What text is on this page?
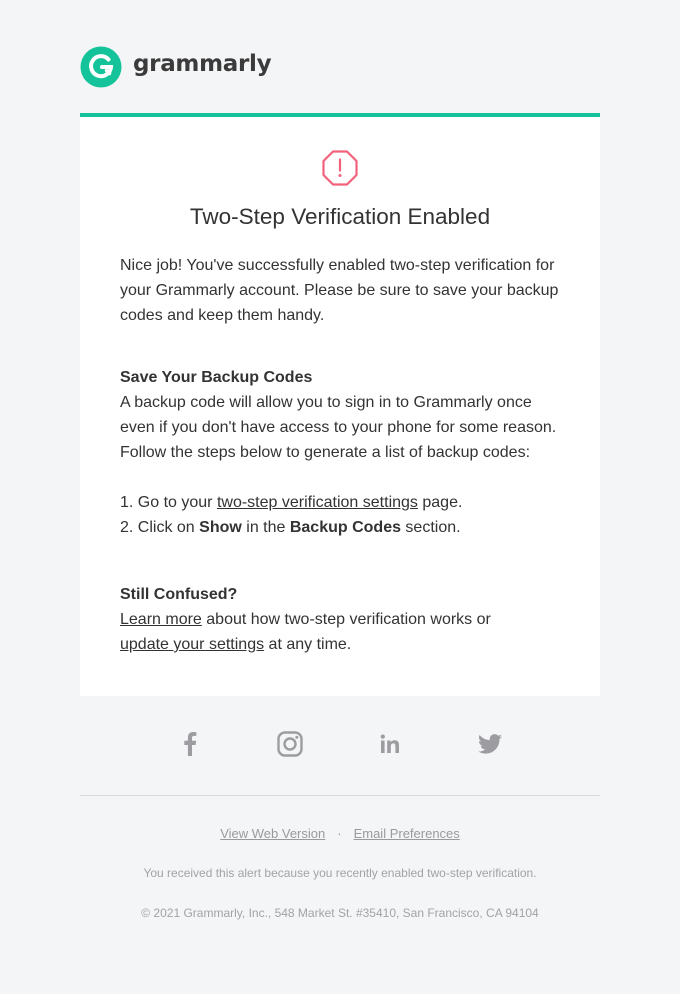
grammarly
Two-Step Verification Enabled

Nice job! You've successfully enabled two-step verification for your Grammarly account. Please be sure to save your backup codes and keep them handy.

Save Your Backup Codes

A backup code will allow you to sign in to Grammarly once even if you don't have access to your phone for some reason. Follow the steps below to generate a list of backup codes:

1. Go to your two-step verification settings page.

2. Click on Show in the Backup Codes section.

Still Confused?

Learn more about how two-step verification works or
update your settings at any time.

View Web Version · Email Preferences
You received this alert because you recently enabled two-step verification.
© 2021 Grammarly, Inc., 548 Market St. #35410, San Francisco, CA 94104
